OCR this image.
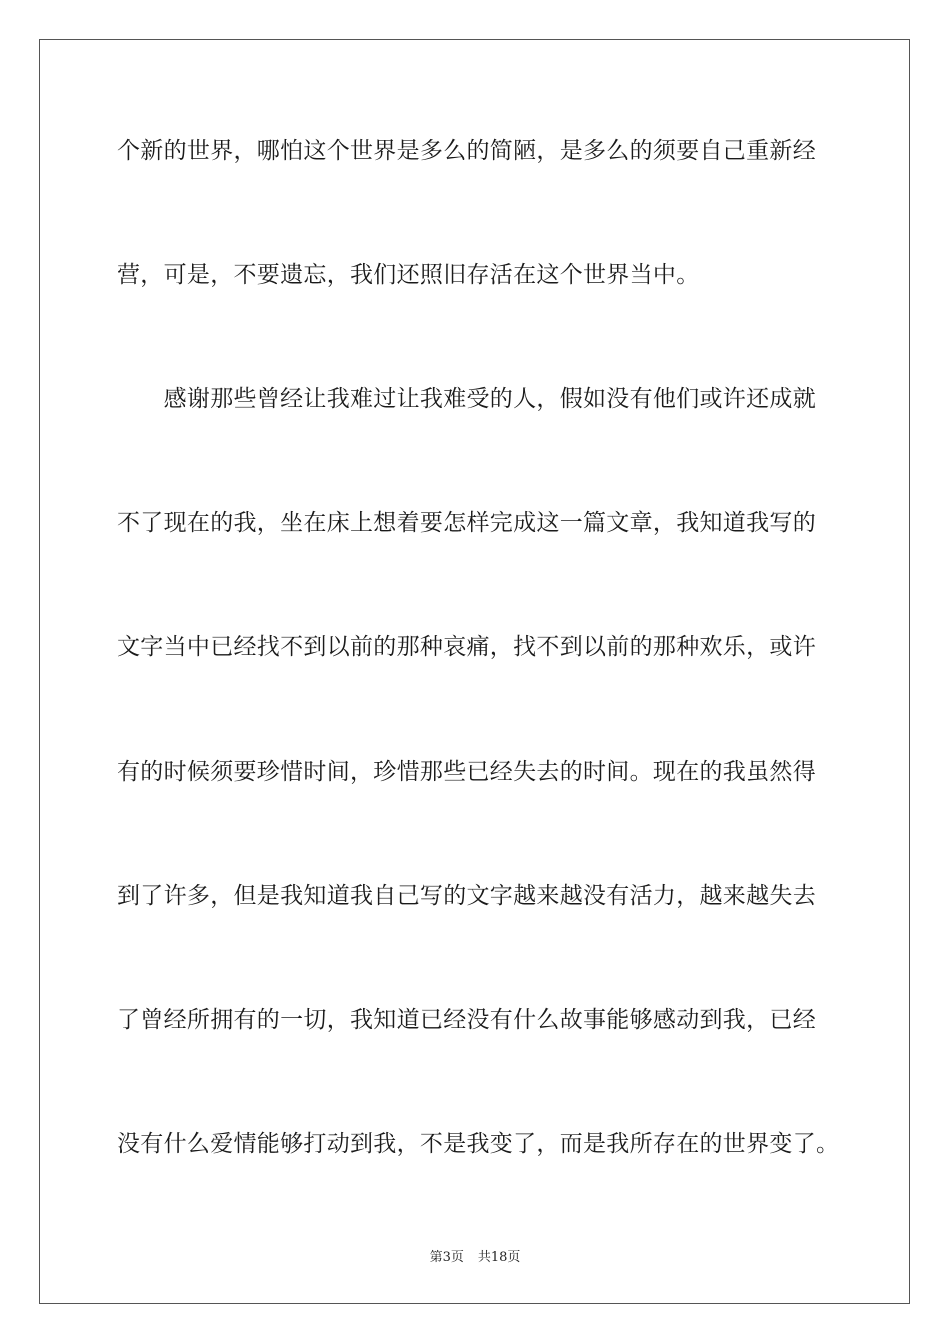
个新的世界，哪怕这个世界是多么的简陋，是多么的须要自己重新经
营，可是，不要遗忘，我们还照旧存活在这个世界当中。
　　感谢那些曾经让我难过让我难受的人，假如没有他们或许还成就
不了现在的我，坐在床上想着要怎样完成这一篇文章，我知道我写的
文字当中已经找不到以前的那种哀痛，找不到以前的那种欢乐，或许
有的时候须要珍惜时间，珍惜那些已经失去的时间。现在的我虽然得
到了许多，但是我知道我自己写的文字越来越没有活力，越来越失去
了曾经所拥有的一切，我知道已经没有什么故事能够感动到我，已经
没有什么爱情能够打动到我，不是我变了，而是我所存在的世界变了。
第3页 共18页
